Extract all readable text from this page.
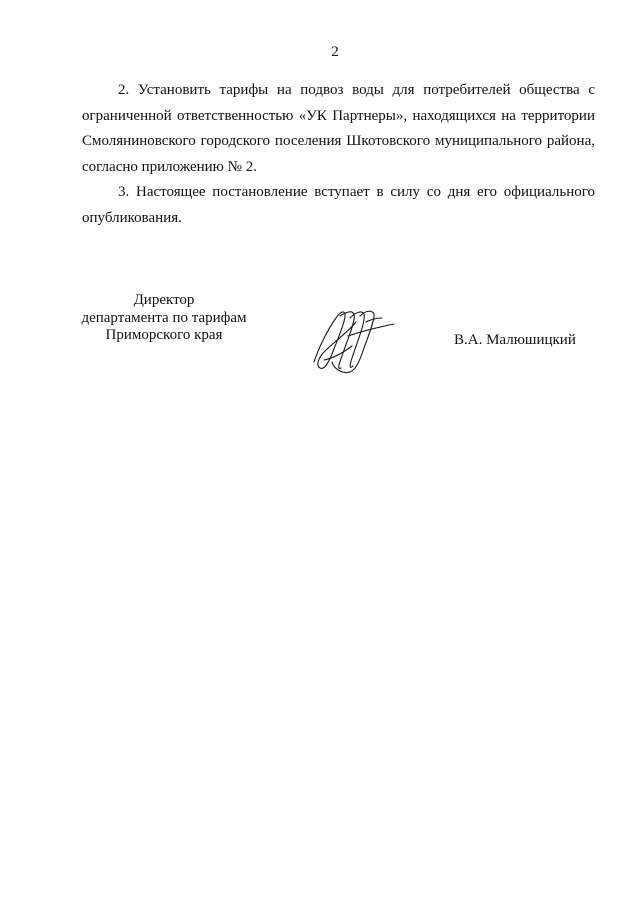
2

2. Установить тарифы на подвоз воды для потребителей общества с ограниченной ответственностью «УК Партнеры», находящихся на территории Смоляниновского городского поселения Шкотовского муниципального района, согласно приложению № 2.

3. Настоящее постановление вступает в силу со дня его официального опубликования.

Директор
департамента по тарифам
Приморского края	В.А. Малюшицкий
